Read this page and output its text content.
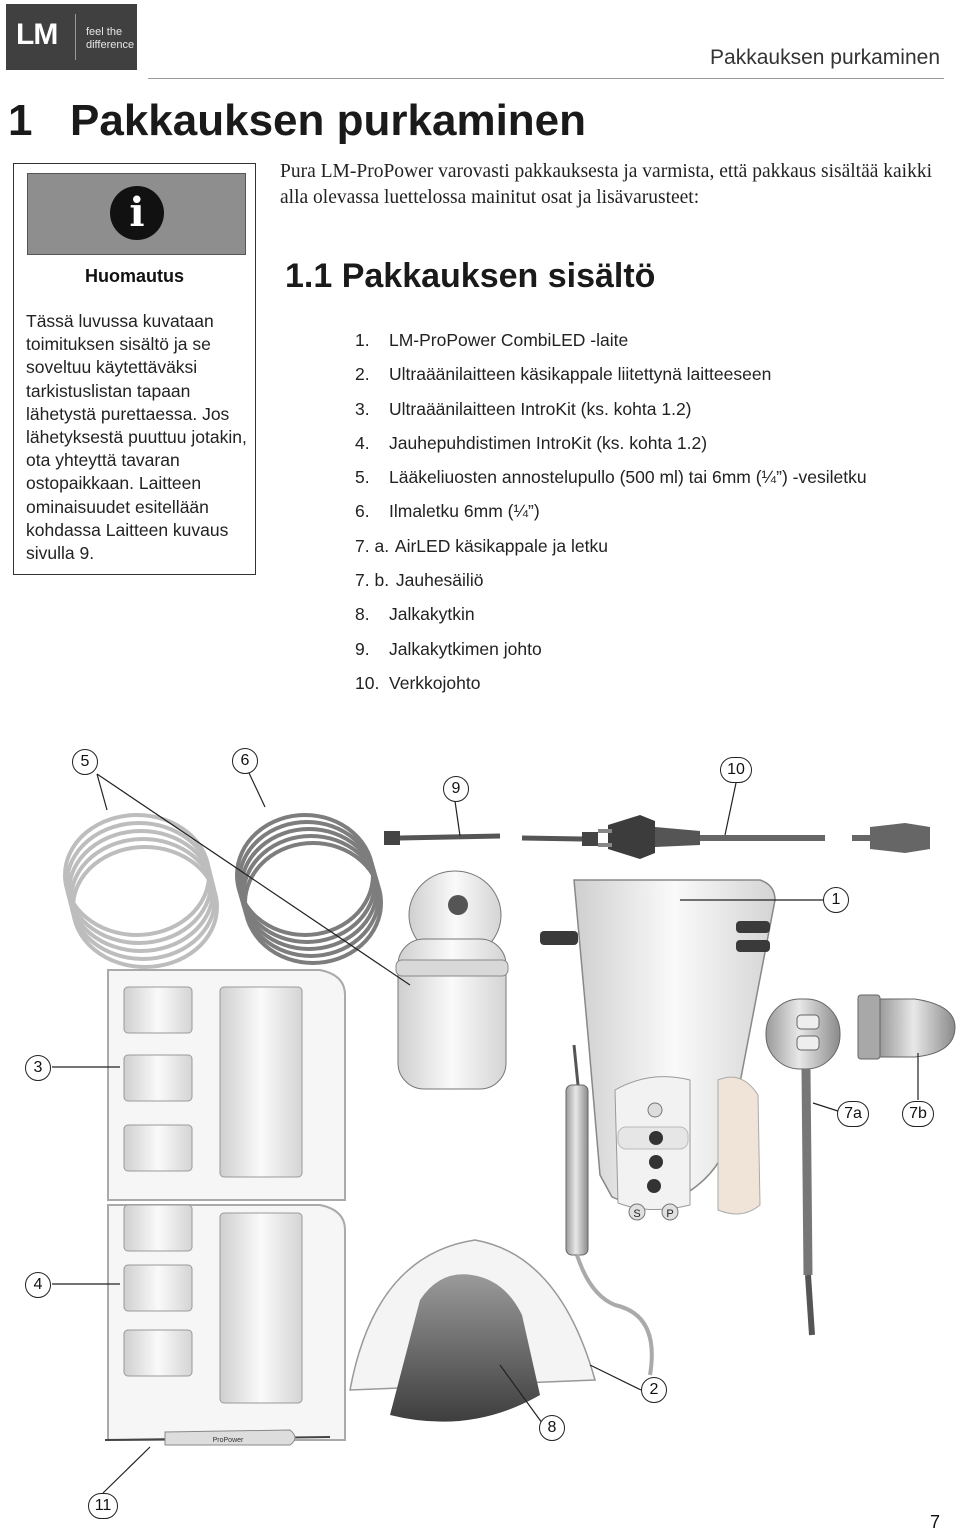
LM	feel the
difference
Pakkauksen purkaminen
1 Pakkauksen purkaminen
i
Huomautus
Tässä luvussa kuvataan toimituksen sisältö ja se soveltuu käytettäväksi tarkistuslistan tapaan lähetystä purettaessa. Jos lähetyksestä puuttuu jotakin, ota yhteyttä tavaran ostopaikkaan. Laitteen ominaisuudet esitellään kohdassa Laitteen kuvaus sivulla 9.
Pura LM-ProPower varovasti pakkauksesta ja varmista, että pakkaus sisältää kaikki alla olevassa luettelossa mainitut osat ja lisävarusteet:
1.1 Pakkauksen sisältö
1. LM-ProPower CombiLED -laite
2. Ultraäänilaitteen käsikappale liitettynä laitteeseen
3. Ultraäänilaitteen IntroKit (ks. kohta 1.2)
4. Jauhepuhdistimen IntroKit (ks. kohta 1.2)
5. Lääkeliuosten annostelupullo (500 ml) tai 6mm (¼”) -vesiletku
6. Ilmaletku 6mm (¼”)
7. a. AirLED käsikappale ja letku
7. b. Jauhesäiliö
8. Jalkakytkin
9. Jalkakytkimen johto
10. Verkkojohto
S P
ProPower
5	6
9
10
1
3
7a	7b
4
2
8
11
7
